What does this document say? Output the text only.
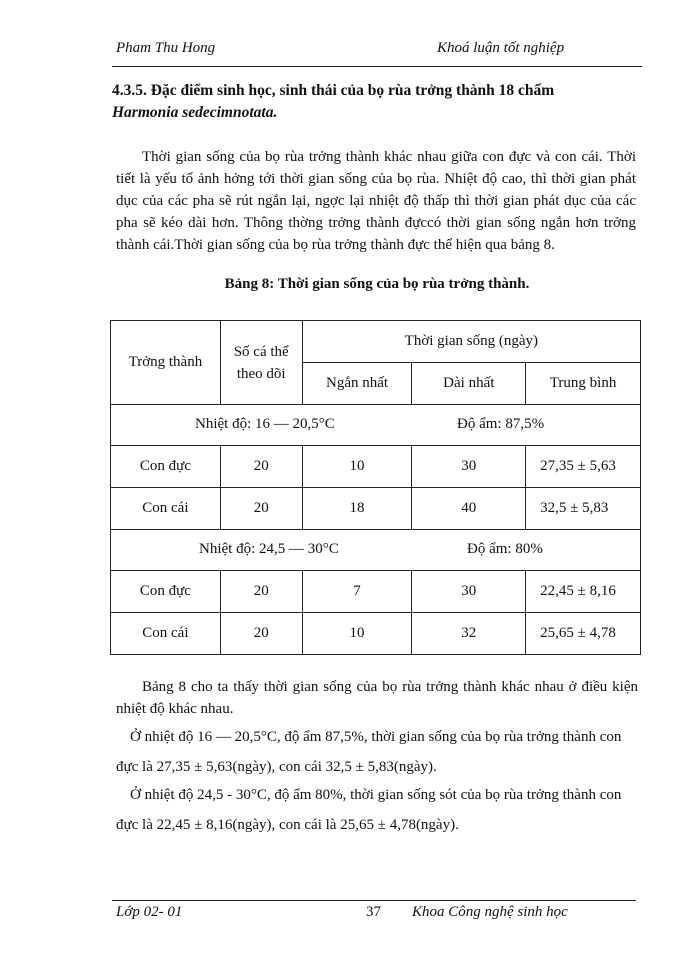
Pham Thu Hong	Khoá luận tốt nghiệp
4.3.5. Đặc điểm sinh học, sinh thái của bọ rùa trởng thành 18 chấm
Harmonia sedecimnotata.

Thời gian sống của bọ rùa trởng thành khác nhau giữa con đực và con cái. Thời tiết là yếu tố ảnh hởng tới thời gian sống của bọ rùa. Nhiệt độ cao, thì thời gian phát dục của các pha sẽ rút ngắn lại, ngợc lại nhiệt độ thấp thì thời gian phát dục của các pha sẽ kéo dài hơn. Thông thờng trởng thành đựccó thời gian sống ngắn hơn trởng thành cái.Thời gian sống của bọ rùa trởng thành đực thể hiện qua bảng 8.

Bảng 8: Thời gian sống của bọ rùa trởng thành.
Trởng thành	Số cá thể theo dõi	Thời gian sống (ngày)		
		Ngắn nhất	Dài nhất	Trung bình

Nhiệt độ: 16 — 20,5°C Độ ẩm: 87,5%				

Con đực	20	10	30	27,35 ± 5,63
Con cái	20	18	40	32,5 ± 5,83

Nhiệt độ: 24,5 — 30°C Độ ẩm: 80%				

Con đực	20	7	30	22,45 ± 8,16
Con cái	20	10	32	25,65 ± 4,78

Bảng 8 cho ta thấy thời gian sống của bọ rùa trởng thành khác nhau ở điều kiện nhiệt độ khác nhau.

Ở nhiệt độ 16 — 20,5°C, độ ẩm 87,5%, thời gian sống của bọ rùa trởng thành con đực là 27,35 ± 5,63(ngày), con cái 32,5 ± 5,83(ngày).

Ở nhiệt độ 24,5 - 30°C, độ ẩm 80%, thời gian sống sót của bọ rùa trởng thành con đực là 22,45 ± 8,16(ngày), con cái là 25,65 ± 4,78(ngày).

Lớp 02- 01	37 Khoa Công nghệ sinh học
